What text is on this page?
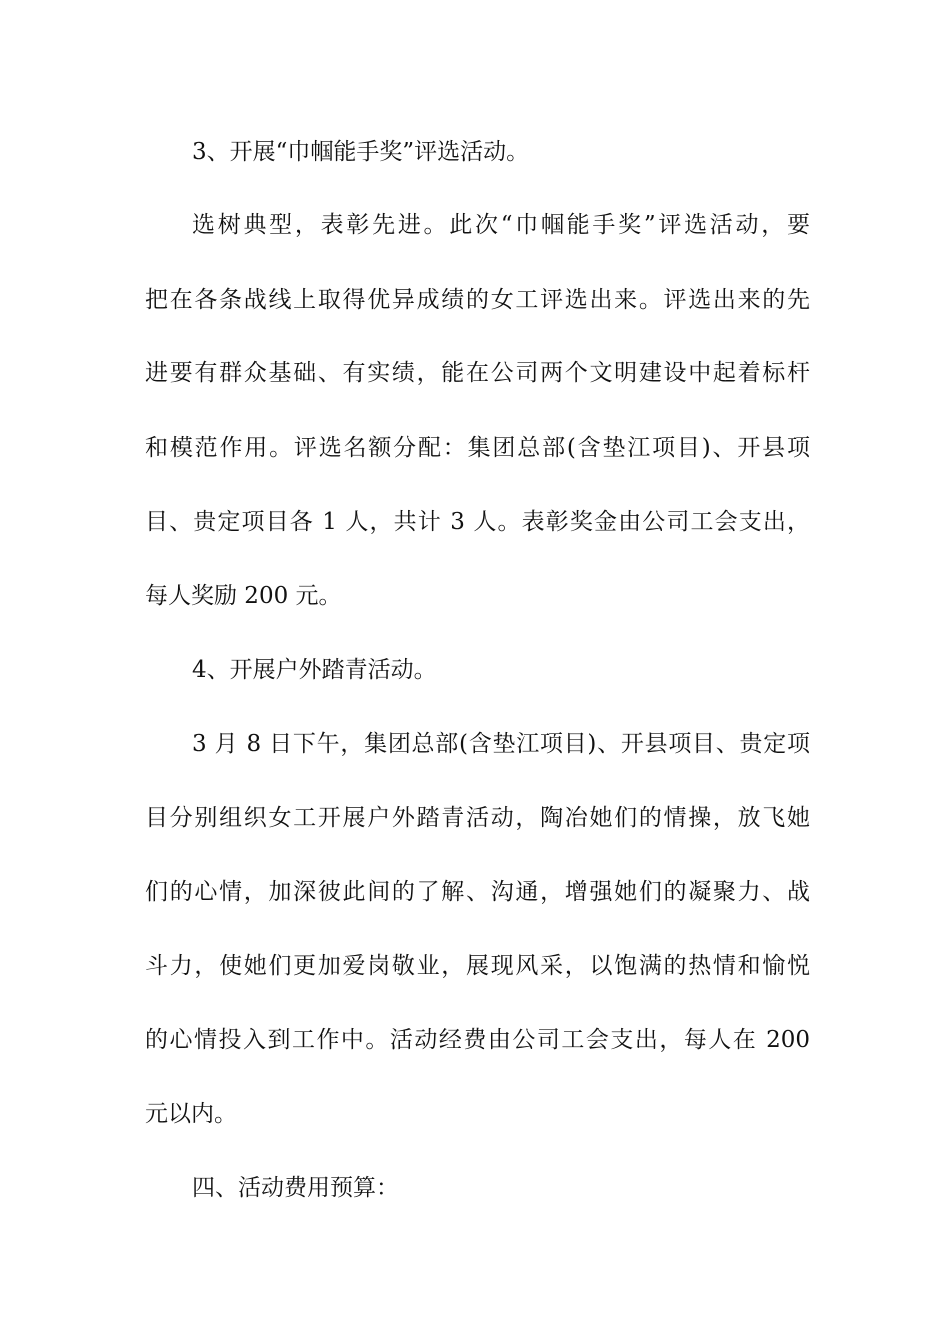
3、开展“巾帼能手奖”评选活动。
选树典型，表彰先进。此次“巾帼能手奖”评选活动，要
把在各条战线上取得优异成绩的女工评选出来。评选出来的先
进要有群众基础、有实绩，能在公司两个文明建设中起着标杆
和模范作用。评选名额分配：集团总部(含垫江项目)、开县项
目、贵定项目各 1 人，共计 3 人。表彰奖金由公司工会支出，
每人奖励 200 元。
4、开展户外踏青活动。
3 月 8 日下午，集团总部(含垫江项目)、开县项目、贵定项
目分别组织女工开展户外踏青活动，陶冶她们的情操，放飞她
们的心情，加深彼此间的了解、沟通，增强她们的凝聚力、战
斗力，使她们更加爱岗敬业，展现风采，以饱满的热情和愉悦
的心情投入到工作中。活动经费由公司工会支出，每人在 200
元以内。
四、活动费用预算：
